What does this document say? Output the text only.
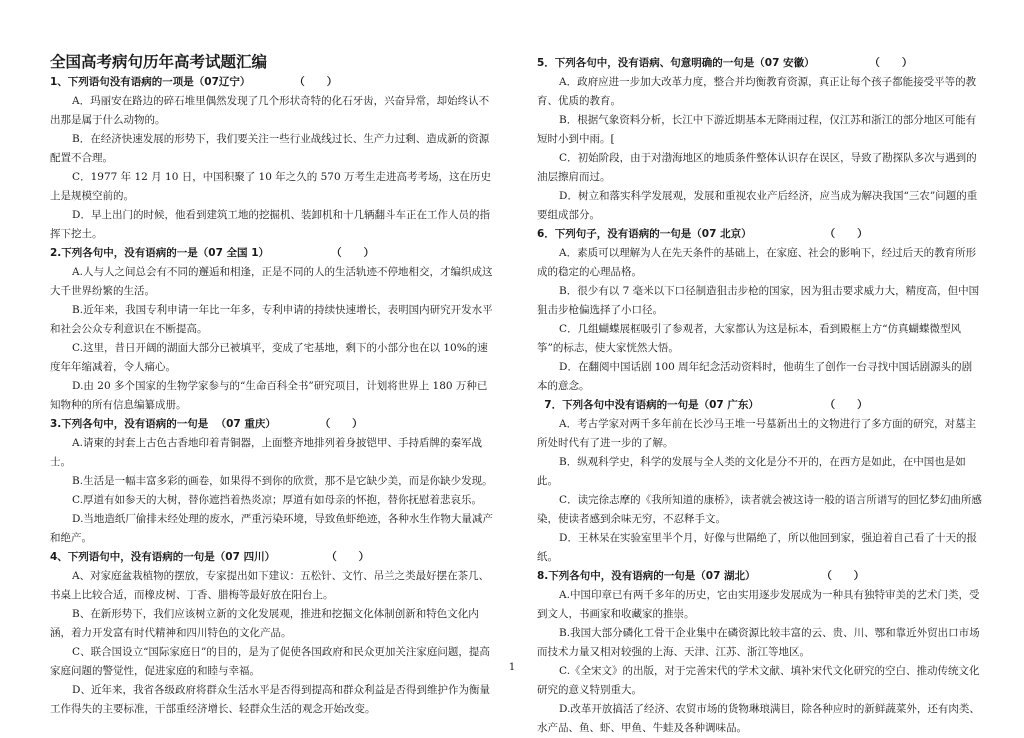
全国高考病句历年高考试题汇编
1、下列语句没有语病的一项是（07辽宁）            （      ）

A．玛丽安在路边的碎石堆里偶然发现了几个形状奇特的化石牙齿，兴奋异常，却始终认不出那是属于什么动物的。

B．在经济快速发展的形势下，我们要关注一些行业战线过长、生产力过剩、造成新的资源配置不合理。

C．1977 年 12 月 10 日，中国积聚了 10 年之久的 570 万考生走进高考考场，这在历史上是规模空前的。

D．早上出门的时候，他看到建筑工地的挖掘机、装卸机和十几辆翻斗车正在工作人员的指挥下挖土。

2.下列各句中，没有语病的一是（07 全国 1）                 （      ）

A.人与人之间总会有不同的邂逅和相逢，正是不同的人的生活轨迹不停地相交，才编织成这大千世界纷繁的生活。

B.近年来，我国专利申请一年比一年多，专利申请的持续快速增长，表明国内研究开发水平和社会公众专利意识在不断提高。

C.这里，昔日开阔的湖面大部分已被填平，变成了宅基地，剩下的小部分也在以 10%的速度年年缩减着，令人痛心。

D.由 20 多个国家的生物学家参与的“生命百科全书”研究项目，计划将世界上 180 万种已知物种的所有信息编纂成册。

3.下列各句中，没有语病的一句是  （07 重庆）            （      ）

A.请柬的封套上古色古香地印着青铜器，上面整齐地排列着身披铠甲、手持盾牌的秦军战士。

B.生活是一幅丰富多彩的画卷，如果得不到你的欣赏，那不是它缺少美，而是你缺少发现。

C.厚道有如参天的大树，替你遮挡着热炎凉；厚道有如母亲的怀抱，替你抚慰着悲哀乐。

D.当地造纸厂偷排未经处理的废水，严重污染环境，导致鱼虾绝迹，各种水生作物大量减产和绝产。

4、下列语句中，没有语病的一句是（07 四川）              （      ）

A、对家庭盆栽植物的摆放，专家提出如下建议：五松针、文竹、吊兰之类最好摆在茶几、书桌上比较合适，而橡皮树、丁香、腊梅等最好放在阳台上。

B、在新形势下，我们应该树立新的文化发展观，推进和挖掘文化体制创新和特色文化内涵，着力开发富有时代精神和四川特色的文化产品。

C、联合国设立“国际家庭日”的目的，是为了促使各国政府和民众更加关注家庭问题，提高家庭问题的警觉性，促进家庭的和睦与幸福。

D、近年来，我省各级政府将群众生活水平是否得到提高和群众利益是否得到维护作为衡量工作得失的主要标准，干部重经济增长、轻群众生活的观念开始改变。

5．下列各句中，没有语病、句意明确的一句是（07 安徽）               （      ）

A．政府应进一步加大改革力度，整合并均衡教育资源，真正让每个孩子都能接受平等的教育、优质的教育。

B．根据气象资料分析，长江中下游近期基本无降雨过程，仅江苏和浙江的部分地区可能有短时小到中雨。[

C．初始阶段，由于对渤海地区的地质条件整体认识存在误区，导致了勘探队多次与遇到的油层擦肩而过。

D．树立和落实科学发展观，发展和重视农业产后经济，应当成为解决我国“三农”问题的重要组成部分。

6．下列句子，没有语病的一句是（07 北京）                    （      ）

A．素质可以理解为人在先天条件的基础上，在家庭、社会的影响下，经过后天的教育所形成的稳定的心理品格。

B．很少有以 7 毫米以下口径制造狙击步枪的国家，因为狙击要求威力大，精度高，但中国狙击步枪偏选择了小口径。

C．几组蝴蝶展框吸引了参观者，大家都认为这是标本，看到殿框上方“仿真蝴蝶微型风筝”的标志，使大家恍然大悟。

D．在翻阅中国话剧 100 周年纪念活动资料时，他萌生了创作一台寻找中国话剧源头的剧本的意念。

7．下列各句中没有语病的一句是（07 广东）                  （      ）

A．考古学家对两千多年前在长沙马王堆一号墓新出土的文物进行了多方面的研究，对墓主所处时代有了进一步的了解。

B．纵观科学史，科学的发展与全人类的文化是分不开的，在西方是如此，在中国也是如此。

C．读完徐志摩的《我所知道的康桥》，读者就会被这诗一般的语言所谱写的回忆梦幻曲所感染，使读者感到余味无穷，不忍释手文。

D．王林呆在实验室里半个月，好像与世隔绝了，所以他回到家，强迫着自己看了十天的报纸。

8.下列各句中，没有语病的一句是（07 湖北）                  （      ）

A.中国印章已有两千多年的历史，它由实用逐步发展成为一种具有独特审美的艺术门类，受到文人，书画家和收藏家的推崇。

B.我国大部分磷化工骨干企业集中在磷资源比较丰富的云、贵、川、鄂和靠近外贸出口市场而技术力量又相对较强的上海、天津、江苏、浙江等地区。

C.《全宋文》的出版，对于完善宋代的学术文献、填补宋代文化研究的空白、推动传统文化研究的意义特别重大。

D.改革开放搞活了经济、农贸市场的货物琳琅满目，除各种应时的新鲜蔬菜外，还有肉类、水产品、鱼、虾、甲鱼、牛蛙及各种调味品。

1
